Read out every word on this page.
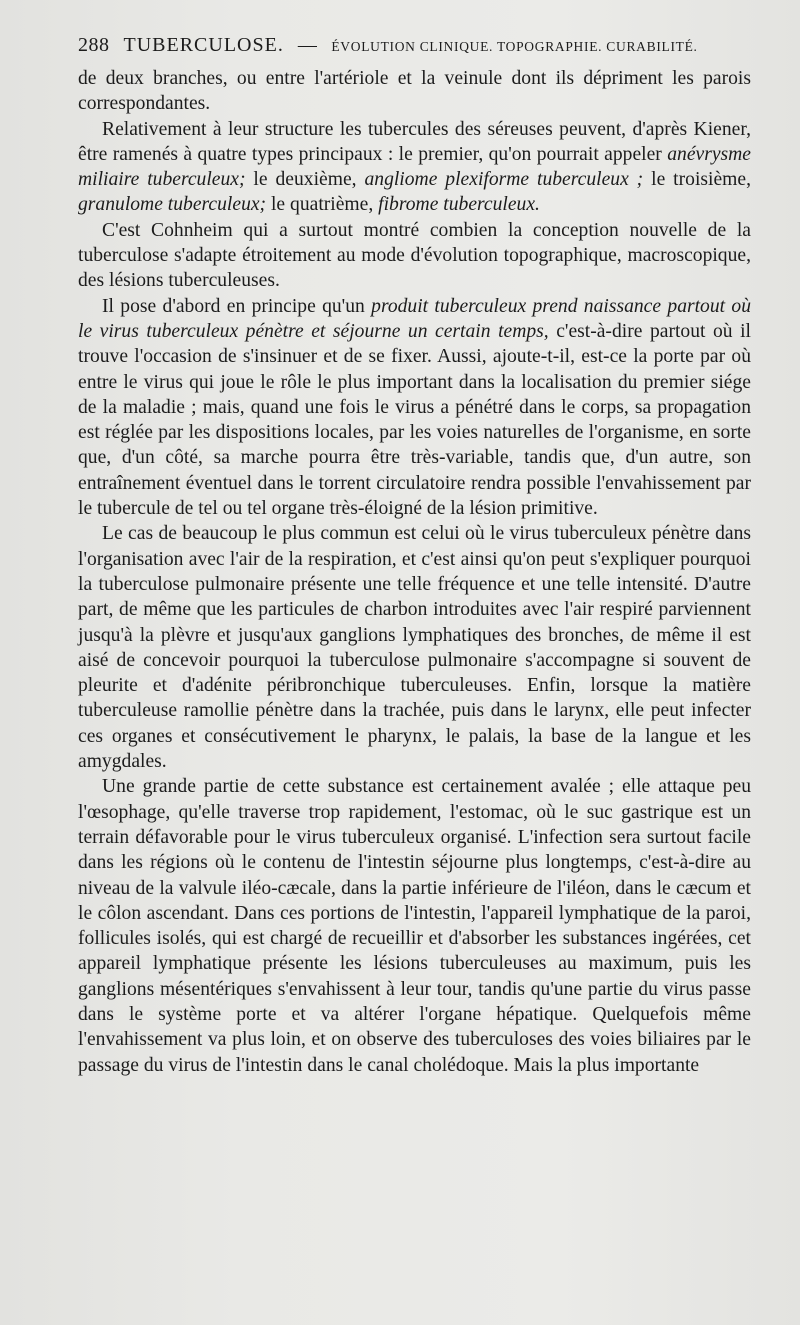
288 TUBERCULOSE. — ÉVOLUTION CLINIQUE. TOPOGRAPHIE. CURABILITÉ.

de deux branches, ou entre l'artériole et la veinule dont ils dépriment les parois correspondantes.

Relativement à leur structure les tubercules des séreuses peuvent, d'après Kiener, être ramenés à quatre types principaux : le premier, qu'on pourrait appeler anévrysme miliaire tuberculeux; le deuxième, angliome plexiforme tuberculeux ; le troisième, granulome tuberculeux; le quatrième, fibrome tuberculeux.

C'est Cohnheim qui a surtout montré combien la conception nouvelle de la tuberculose s'adapte étroitement au mode d'évolution topographique, macroscopique, des lésions tuberculeuses.

Il pose d'abord en principe qu'un produit tuberculeux prend naissance partout où le virus tuberculeux pénètre et séjourne un certain temps, c'est-à-dire partout où il trouve l'occasion de s'insinuer et de se fixer. Aussi, ajoute-t-il, est-ce la porte par où entre le virus qui joue le rôle le plus important dans la localisation du premier siége de la maladie ; mais, quand une fois le virus a pénétré dans le corps, sa propagation est réglée par les dispositions locales, par les voies naturelles de l'organisme, en sorte que, d'un côté, sa marche pourra être très-variable, tandis que, d'un autre, son entraînement éventuel dans le torrent circulatoire rendra possible l'envahissement par le tubercule de tel ou tel organe très-éloigné de la lésion primitive.

Le cas de beaucoup le plus commun est celui où le virus tuberculeux pénètre dans l'organisation avec l'air de la respiration, et c'est ainsi qu'on peut s'expliquer pourquoi la tuberculose pulmonaire présente une telle fréquence et une telle intensité. D'autre part, de même que les particules de charbon introduites avec l'air respiré parviennent jusqu'à la plèvre et jusqu'aux ganglions lymphatiques des bronches, de même il est aisé de concevoir pourquoi la tuberculose pulmonaire s'accompagne si souvent de pleurite et d'adénite péribronchique tuberculeuses. Enfin, lorsque la matière tuberculeuse ramollie pénètre dans la trachée, puis dans le larynx, elle peut infecter ces organes et consécutivement le pharynx, le palais, la base de la langue et les amygdales.

Une grande partie de cette substance est certainement avalée ; elle attaque peu l'œsophage, qu'elle traverse trop rapidement, l'estomac, où le suc gastrique est un terrain défavorable pour le virus tuberculeux organisé. L'infection sera surtout facile dans les régions où le contenu de l'intestin séjourne plus longtemps, c'est-à-dire au niveau de la valvule iléo-cæcale, dans la partie inférieure de l'iléon, dans le cæcum et le côlon ascendant. Dans ces portions de l'intestin, l'appareil lymphatique de la paroi, follicules isolés, qui est chargé de recueillir et d'absorber les substances ingérées, cet appareil lymphatique présente les lésions tuberculeuses au maximum, puis les ganglions mésentériques s'envahissent à leur tour, tandis qu'une partie du virus passe dans le système porte et va altérer l'organe hépatique. Quelquefois même l'envahissement va plus loin, et on observe des tuberculoses des voies biliaires par le passage du virus de l'intestin dans le canal cholédoque. Mais la plus importante
